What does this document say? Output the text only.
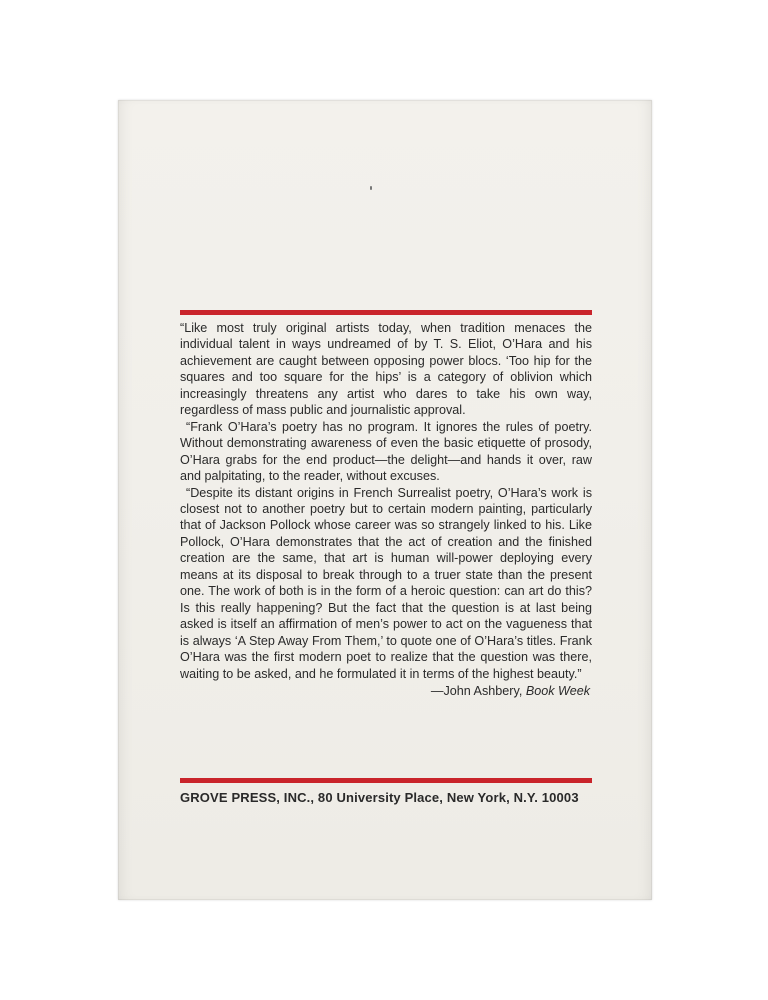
“Like most truly original artists today, when tradition menaces the individual talent in ways undreamed of by T. S. Eliot, O’Hara and his achievement are caught between opposing power blocs. ‘Too hip for the squares and too square for the hips’ is a category of oblivion which increasingly threatens any artist who dares to take his own way, regardless of mass public and journalistic approval.

“Frank O’Hara’s poetry has no program. It ignores the rules of poetry. Without demonstrating awareness of even the basic etiquette of prosody, O’Hara grabs for the end product—the delight—and hands it over, raw and palpitating, to the reader, without excuses.

“Despite its distant origins in French Surrealist poetry, O’Hara’s work is closest not to another poetry but to certain modern painting, particularly that of Jackson Pollock whose career was so strangely linked to his. Like Pollock, O’Hara demonstrates that the act of creation and the finished creation are the same, that art is human will-power deploying every means at its disposal to break through to a truer state than the present one. The work of both is in the form of a heroic question: can art do this? Is this really happening? But the fact that the question is at last being asked is itself an affirmation of men’s power to act on the vagueness that is always ‘A Step Away From Them,’ to quote one of O’Hara’s titles. Frank O’Hara was the first modern poet to realize that the question was there, waiting to be asked, and he formulated it in terms of the highest beauty.”

—John Ashbery, Book Week
GROVE PRESS, INC., 80 University Place, New York, N.Y. 10003
